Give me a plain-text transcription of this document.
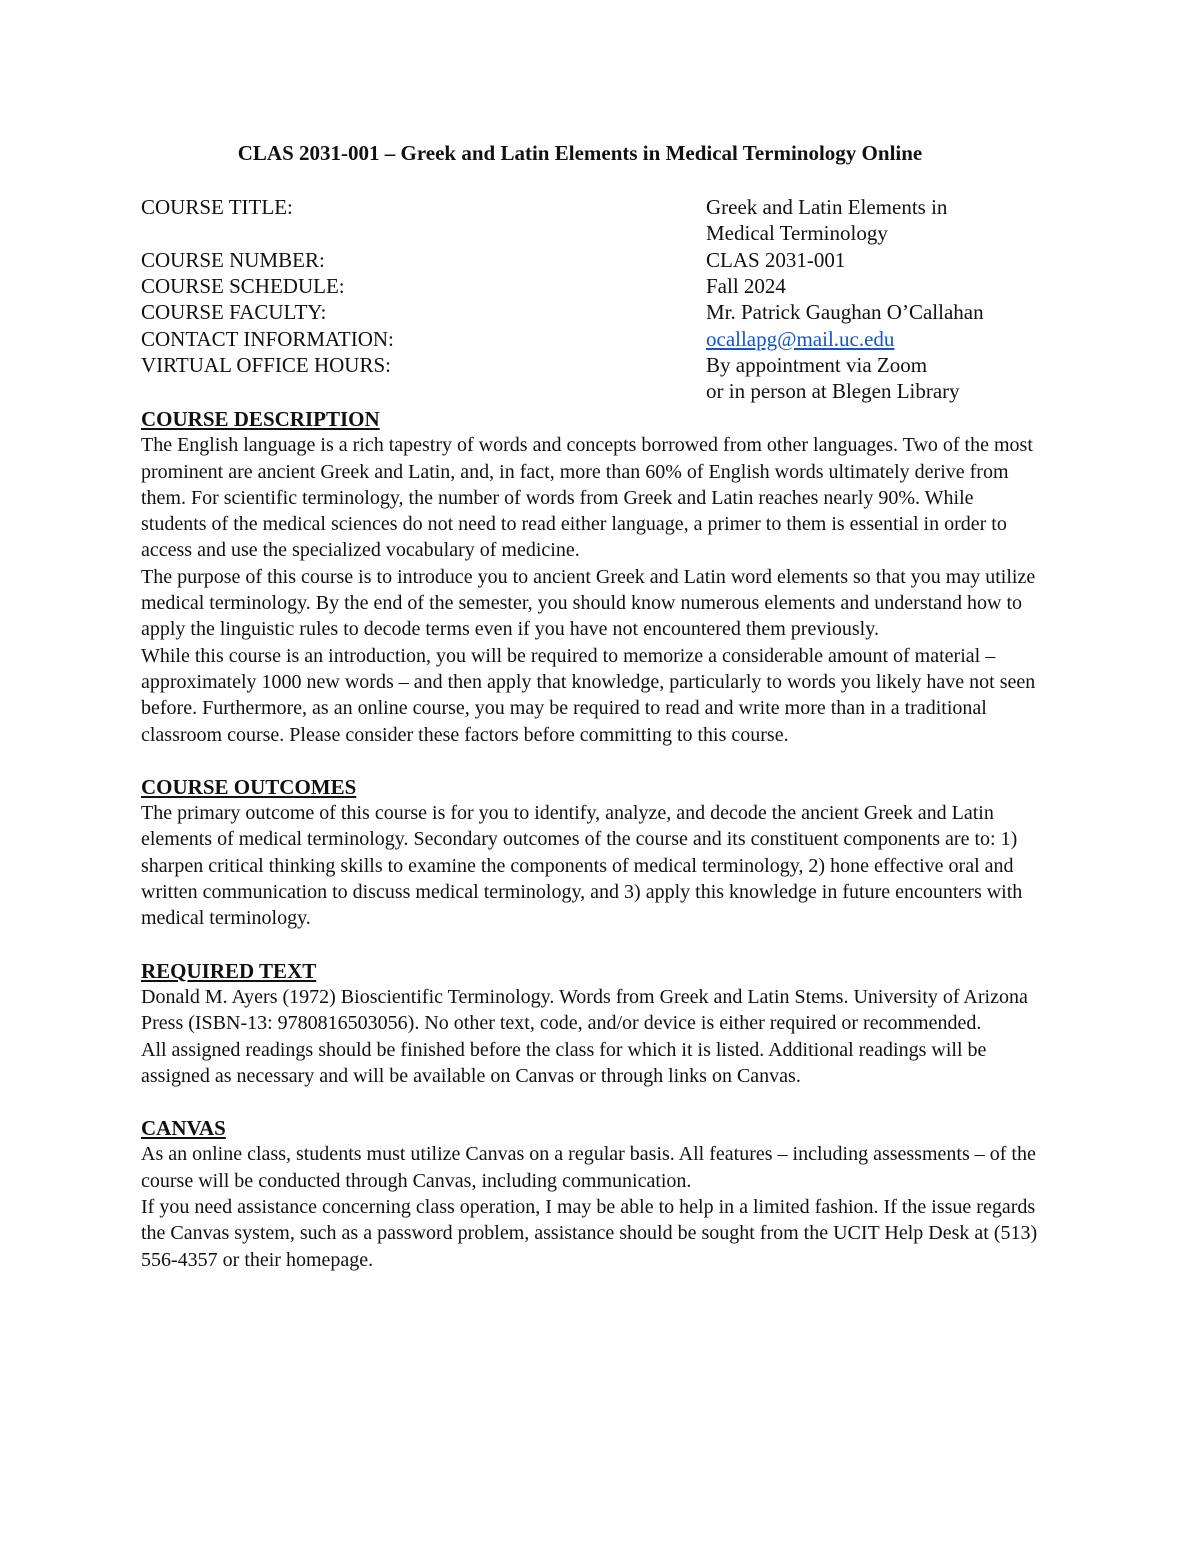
CLAS 2031-001 – Greek and Latin Elements in Medical Terminology Online
COURSE TITLE:	Greek and Latin Elements in
Medical Terminology
COURSE NUMBER:	CLAS 2031-001
COURSE SCHEDULE:	Fall 2024
COURSE FACULTY:	Mr. Patrick Gaughan O’Callahan
CONTACT INFORMATION:	ocallapg@mail.uc.edu
VIRTUAL OFFICE HOURS:	By appointment via Zoom
or in person at Blegen Library

COURSE DESCRIPTION

The English language is a rich tapestry of words and concepts borrowed from other languages. Two of the most prominent are ancient Greek and Latin, and, in fact, more than 60% of English words ultimately derive from them. For scientific terminology, the number of words from Greek and Latin reaches nearly 90%. While students of the medical sciences do not need to read either language, a primer to them is essential in order to access and use the specialized vocabulary of medicine.

The purpose of this course is to introduce you to ancient Greek and Latin word elements so that you may utilize medical terminology. By the end of the semester, you should know numerous elements and understand how to apply the linguistic rules to decode terms even if you have not encountered them previously.

While this course is an introduction, you will be required to memorize a considerable amount of material – approximately 1000 new words – and then apply that knowledge, particularly to words you likely have not seen before. Furthermore, as an online course, you may be required to read and write more than in a traditional classroom course. Please consider these factors before committing to this course.

COURSE OUTCOMES

The primary outcome of this course is for you to identify, analyze, and decode the ancient Greek and Latin elements of medical terminology. Secondary outcomes of the course and its constituent components are to: 1) sharpen critical thinking skills to examine the components of medical terminology, 2) hone effective oral and written communication to discuss medical terminology, and 3) apply this knowledge in future encounters with medical terminology.

REQUIRED TEXT

Donald M. Ayers (1972) Bioscientific Terminology. Words from Greek and Latin Stems. University of Arizona Press (ISBN-13: 9780816503056). No other text, code, and/or device is either required or recommended.

All assigned readings should be finished before the class for which it is listed. Additional readings will be assigned as necessary and will be available on Canvas or through links on Canvas.

CANVAS

As an online class, students must utilize Canvas on a regular basis. All features – including assessments – of the course will be conducted through Canvas, including communication.

If you need assistance concerning class operation, I may be able to help in a limited fashion. If the issue regards the Canvas system, such as a password problem, assistance should be sought from the UCIT Help Desk at (513) 556-4357 or their homepage.
